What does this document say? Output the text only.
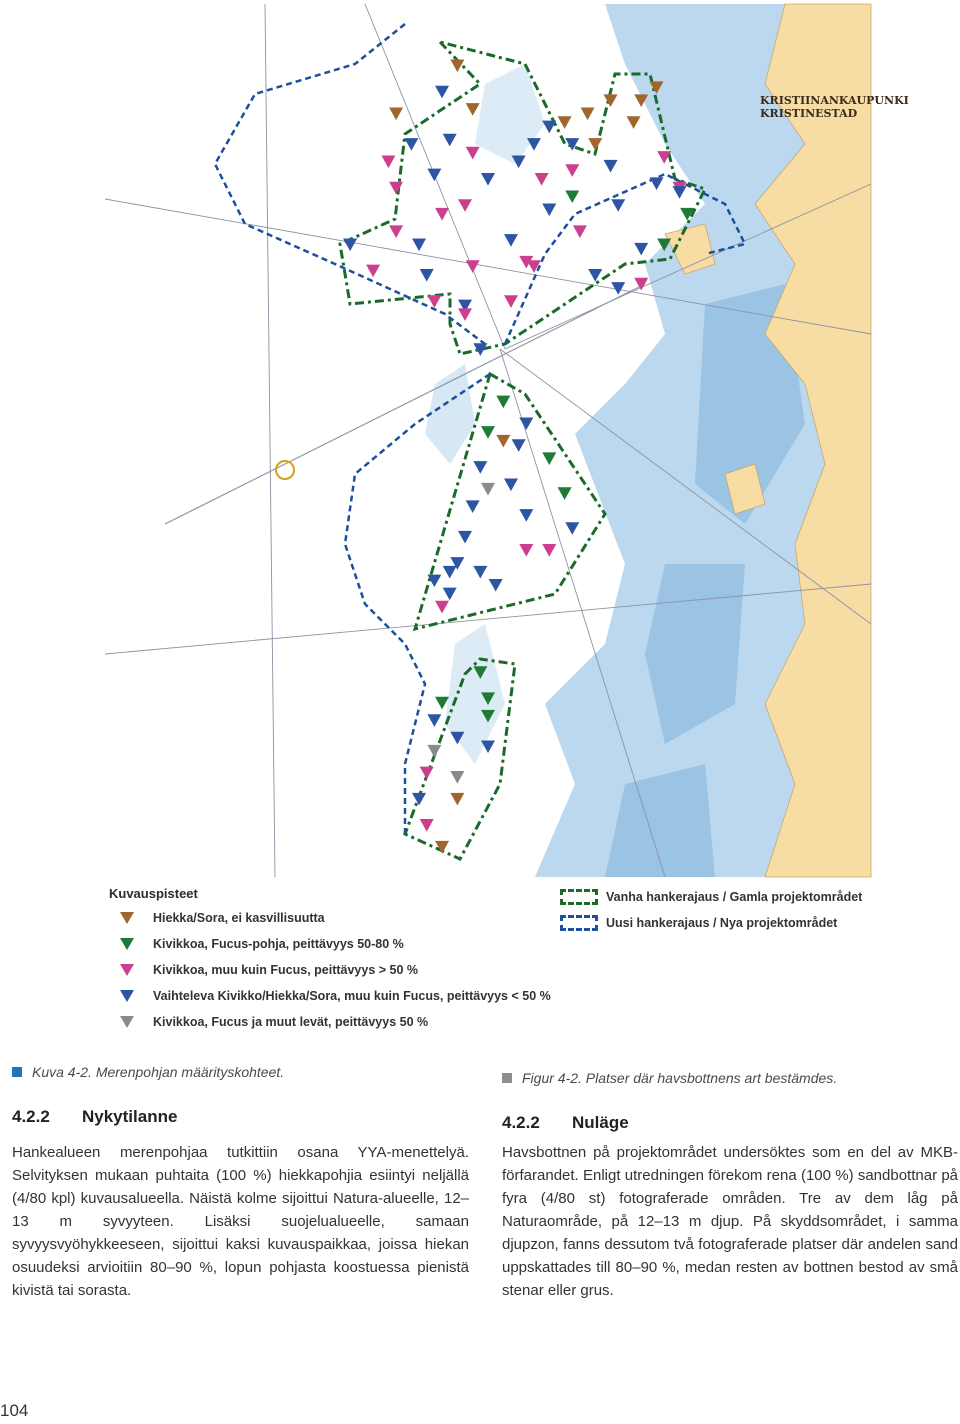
KRISTIINANKAUPUNKI
KRISTINESTAD
Kuvauspisteet
Hiekka/Sora, ei kasvillisuutta
Kivikkoa, Fucus-pohja, peittävyys 50-80 %
Kivikkoa, muu kuin Fucus, peittävyys > 50 %
Vaihteleva Kivikko/Hiekka/Sora, muu kuin Fucus, peittävyys < 50 %
Kivikkoa, Fucus ja muut levät, peittävyys 50 %
Vanha hankerajaus / Gamla projektområdet
Uusi hankerajaus / Nya projektområdet
Kuva 4-2. Merenpohjan määrityskohteet.	Figur 4-2. Platser där havsbottnens art bestämdes.
4.2.2 Nykytilanne	4.2.2 Nuläge
Hankealueen merenpohjaa tutkittiin osana YYA-menettelyä. Selvityksen mukaan puhtaita (100 %) hiekkapohjia esiintyi neljällä (4/80 kpl) kuvausalueella. Näistä kolme sijoittui Natura-alueelle, 12–13 m syvyyteen. Lisäksi suojelualueelle, samaan syvyysvyöhykkeeseen, sijoittui kaksi kuvauspaikkaa, joissa hiekan osuudeksi arvioitiin 80–90 %, lopun pohjasta koostuessa pienistä kivistä tai sorasta.
Havsbottnen på projektområdet undersöktes som en del av MKB-förfarandet. Enligt utredningen förekom rena (100 %) sandbottnar på fyra (4/80 st) fotograferade områden. Tre av dem låg på Naturaområde, på 12–13 m djup. På skyddsområdet, i samma djupzon, fanns dessutom två fotograferade platser där andelen sand uppskattades till 80–90 %, medan resten av bottnen bestod av små stenar eller grus.
104
